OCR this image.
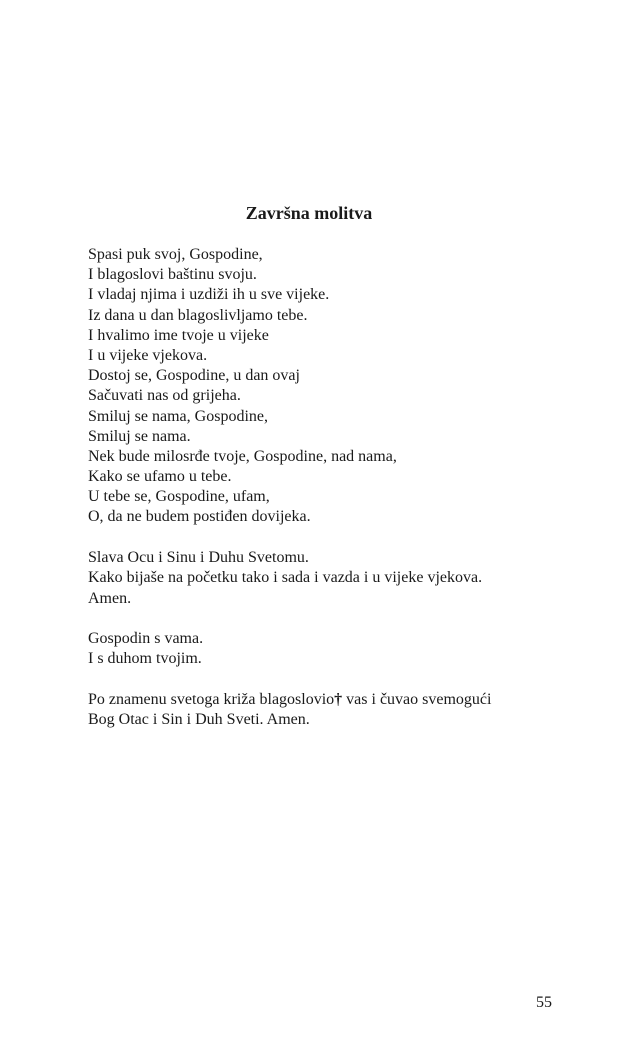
Završna molitva
Spasi puk svoj, Gospodine,
I blagoslovi baštinu svoju.
I vladaj njima i uzdiži ih u sve vijeke.
Iz dana u dan blagoslivljamo tebe.
I hvalimo ime tvoje u vijeke
I u vijeke vjekova.
Dostoj se, Gospodine, u dan ovaj
Sačuvati nas od grijeha.
Smiluj se nama, Gospodine,
Smiluj se nama.
Nek bude milosrđe tvoje, Gospodine, nad nama,
Kako se ufamo u tebe.
U tebe se, Gospodine, ufam,
O, da ne budem postiđen dovijeka.
Slava Ocu i Sinu i Duhu Svetomu.
Kako bijaše na početku tako i sada i vazda i u vijeke vjekova.
Amen.
Gospodin s vama.
I s duhom tvojim.
Po znamenu svetoga križa blagoslovio† vas i čuvao svemogući
Bog Otac i Sin i Duh Sveti. Amen.
55
